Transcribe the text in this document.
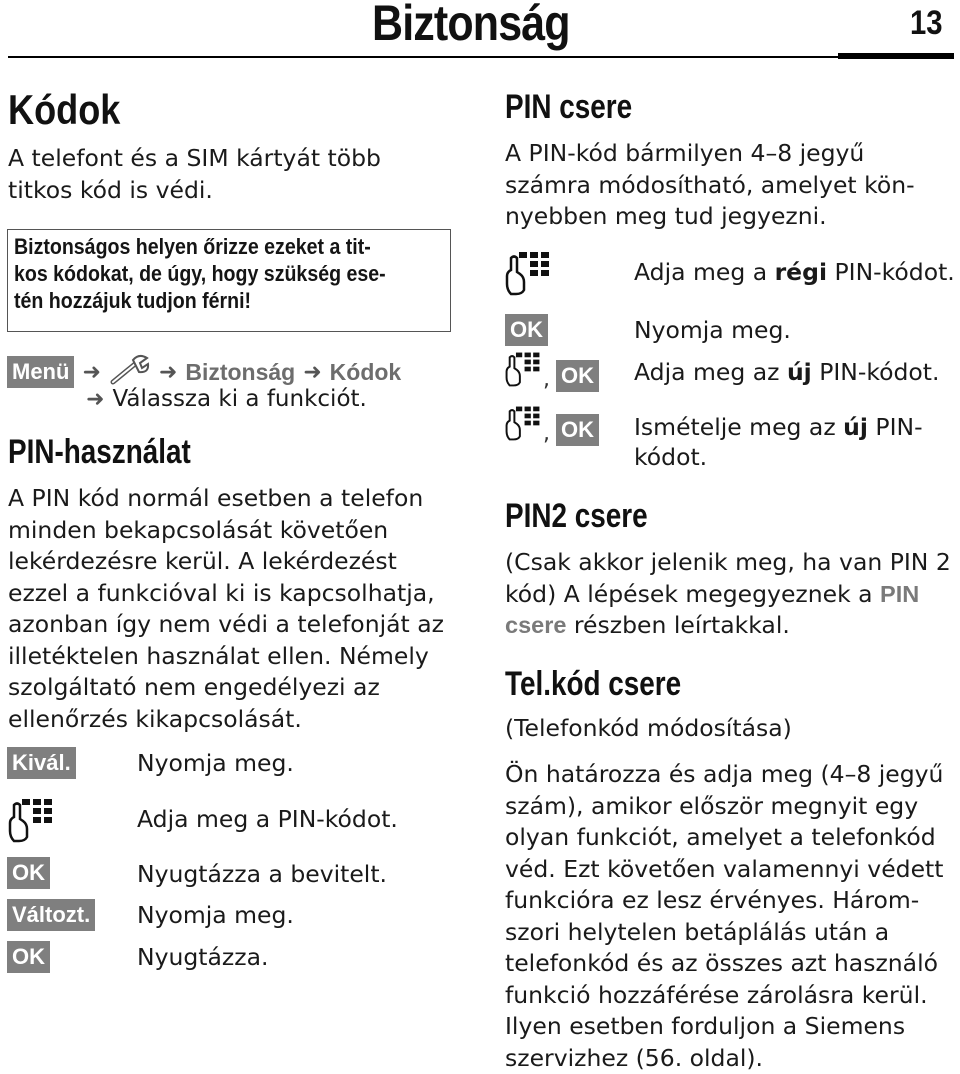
Biztonság	13
Kódok
A telefont és a SIM kártyát több
titkos kód is védi.
Biztonságos helyen őrizze ezeket a tit-
kos kódokat, de úgy, hogy szükség ese-
tén hozzájuk tudjon férni!
Menü ➜	➜ Biztonság ➜ Kódok
➜ Válassza ki a funkciót.
PIN-használat
A PIN kód normál esetben a telefon
minden bekapcsolását követően
lekérdezésre kerül. A lekérdezést
ezzel a funkcióval ki is kapcsolhatja,
azonban így nem védi a telefonját az
illetéktelen használat ellen. Némely
szolgáltató nem engedélyezi az
ellenőrzés kikapcsolását.
Kivál.	Nyomja meg.
Adja meg a PIN-kódot.
OK	Nyugtázza a bevitelt.
Változt. Nyomja meg.
OK	Nyugtázza.
PIN csere
A PIN-kód bármilyen 4–8 jegyű
számra módosítható, amelyet kön-
nyebben meg tud jegyezni.
Adja meg a régi PIN-kódot.
OK	Nyomja meg.
, OK Adja meg az új PIN-kódot.
, OK Ismételje meg az új PIN-
kódot.
PIN2 csere
(Csak akkor jelenik meg, ha van PIN 2
kód) A lépések megegyeznek a PIN
csere részben leírtakkal.
Tel.kód csere
(Telefonkód módosítása)
Ön határozza és adja meg (4–8 jegyű
szám), amikor először megnyit egy
olyan funkciót, amelyet a telefonkód
véd. Ezt követően valamennyi védett
funkcióra ez lesz érvényes. Három-
szori helytelen betáplálás után a
telefonkód és az összes azt használó
funkció hozzáférése zárolásra kerül.
Ilyen esetben forduljon a Siemens
szervizhez (56. oldal).
